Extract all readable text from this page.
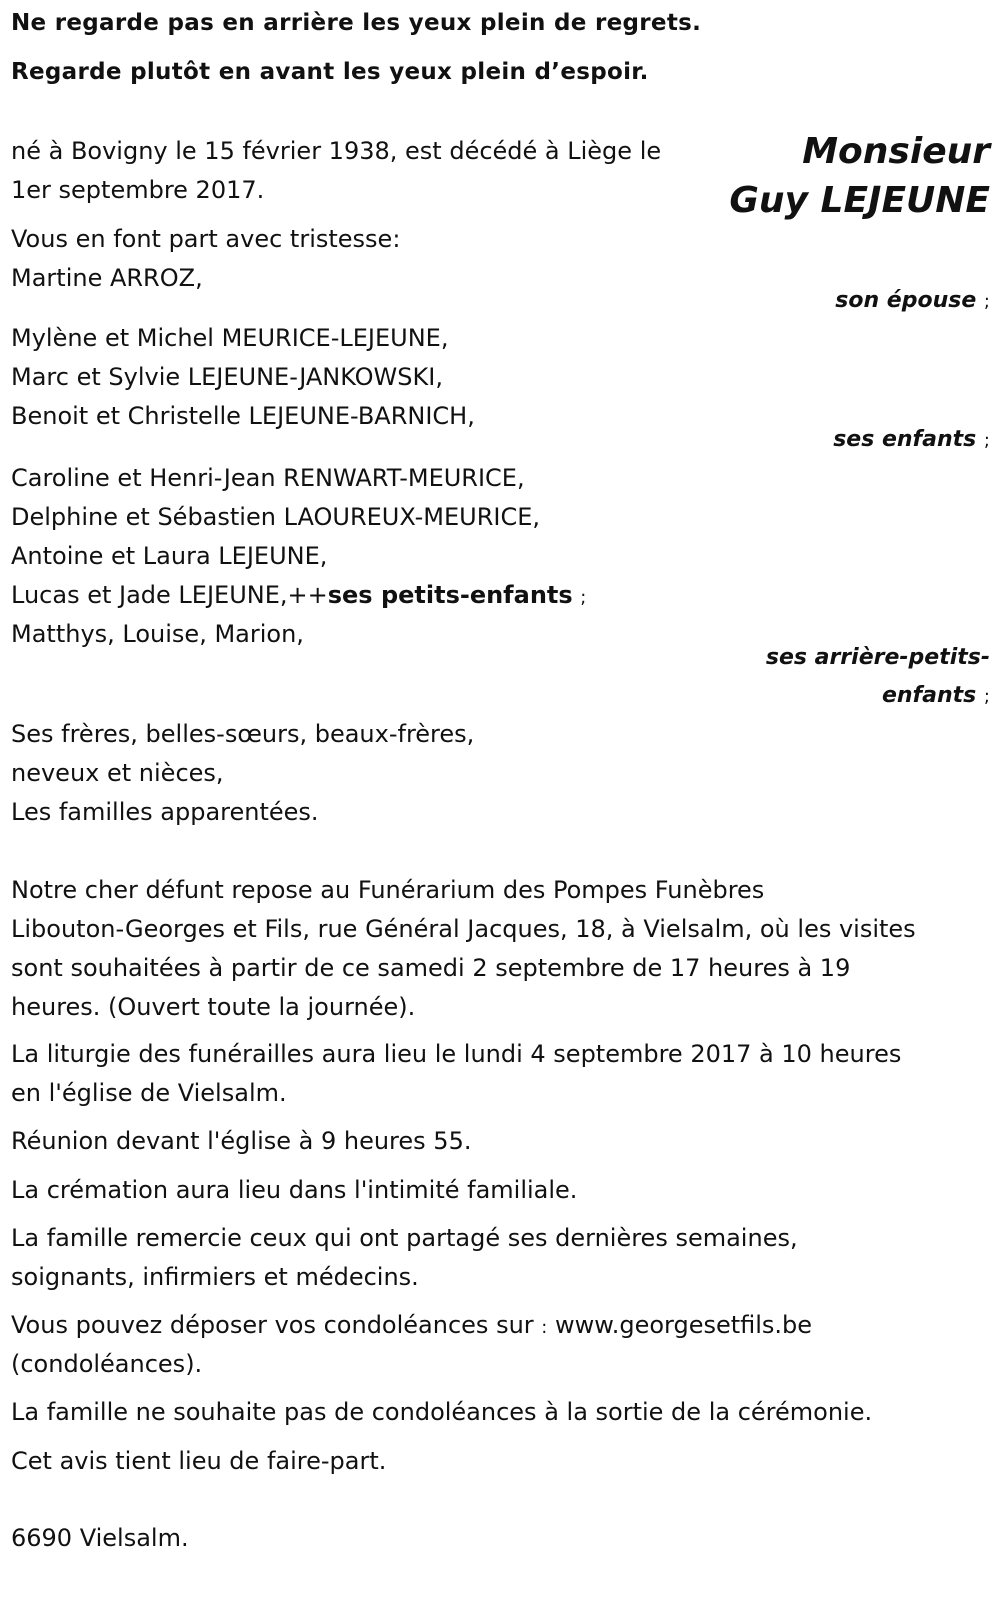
Ne regarde pas en arrière les yeux plein de regrets.
Regarde plutôt en avant les yeux plein d’espoir.
Monsieur
Guy LEJEUNE
né à Bovigny le 15 février 1938, est décédé à Liège le
1er septembre 2017.
Vous en font part avec tristesse:
Martine ARROZ,
son épouse ;
Mylène et Michel MEURICE-LEJEUNE,
Marc et Sylvie LEJEUNE-JANKOWSKI,
Benoit et Christelle LEJEUNE-BARNICH,
ses enfants ;
Caroline et Henri-Jean RENWART-MEURICE,
Delphine et Sébastien LAOUREUX-MEURICE,
Antoine et Laura LEJEUNE,
Lucas et Jade LEJEUNE,++ses petits-enfants ;
Matthys, Louise, Marion,
ses arrière-petits-
enfants ;
Ses frères, belles-sœurs, beaux-frères,
neveux et nièces,
Les familles apparentées.
Notre cher défunt repose au Funérarium des Pompes Funèbres
Libouton-Georges et Fils, rue Général Jacques, 18, à Vielsalm, où les visites
sont souhaitées à partir de ce samedi 2 septembre de 17 heures à 19
heures. (Ouvert toute la journée).
La liturgie des funérailles aura lieu le lundi 4 septembre 2017 à 10 heures
en l'église de Vielsalm.
Réunion devant l'église à 9 heures 55.
La crémation aura lieu dans l'intimité familiale.
La famille remercie ceux qui ont partagé ses dernières semaines,
soignants, infirmiers et médecins.
Vous pouvez déposer vos condoléances sur : www.georgesetfils.be
(condoléances).
La famille ne souhaite pas de condoléances à la sortie de la cérémonie.
Cet avis tient lieu de faire-part.
6690 Vielsalm.
